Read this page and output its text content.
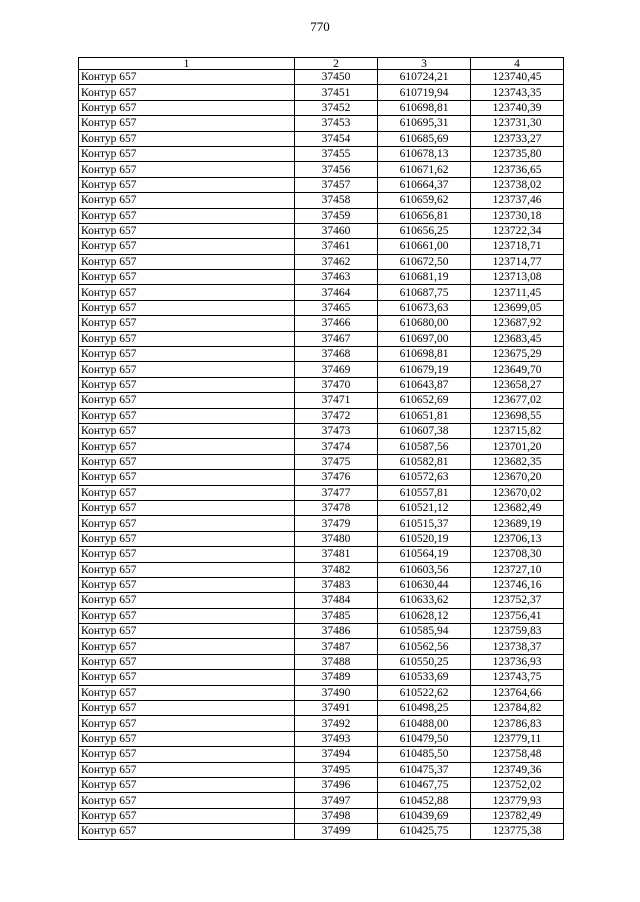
770
1	2	3	4
Контур 657	37450	610724,21	123740,45
Контур 657	37451	610719,94	123743,35
Контур 657	37452	610698,81	123740,39
Контур 657	37453	610695,31	123731,30
Контур 657	37454	610685,69	123733,27
Контур 657	37455	610678,13	123735,80
Контур 657	37456	610671,62	123736,65
Контур 657	37457	610664,37	123738,02
Контур 657	37458	610659,62	123737,46
Контур 657	37459	610656,81	123730,18
Контур 657	37460	610656,25	123722,34
Контур 657	37461	610661,00	123718,71
Контур 657	37462	610672,50	123714,77
Контур 657	37463	610681,19	123713,08
Контур 657	37464	610687,75	123711,45
Контур 657	37465	610673,63	123699,05
Контур 657	37466	610680,00	123687,92
Контур 657	37467	610697,00	123683,45
Контур 657	37468	610698,81	123675,29
Контур 657	37469	610679,19	123649,70
Контур 657	37470	610643,87	123658,27
Контур 657	37471	610652,69	123677,02
Контур 657	37472	610651,81	123698,55
Контур 657	37473	610607,38	123715,82
Контур 657	37474	610587,56	123701,20
Контур 657	37475	610582,81	123682,35
Контур 657	37476	610572,63	123670,20
Контур 657	37477	610557,81	123670,02
Контур 657	37478	610521,12	123682,49
Контур 657	37479	610515,37	123689,19
Контур 657	37480	610520,19	123706,13
Контур 657	37481	610564,19	123708,30
Контур 657	37482	610603,56	123727,10
Контур 657	37483	610630,44	123746,16
Контур 657	37484	610633,62	123752,37
Контур 657	37485	610628,12	123756,41
Контур 657	37486	610585,94	123759,83
Контур 657	37487	610562,56	123738,37
Контур 657	37488	610550,25	123736,93
Контур 657	37489	610533,69	123743,75
Контур 657	37490	610522,62	123764,66
Контур 657	37491	610498,25	123784,82
Контур 657	37492	610488,00	123786,83
Контур 657	37493	610479,50	123779,11
Контур 657	37494	610485,50	123758,48
Контур 657	37495	610475,37	123749,36
Контур 657	37496	610467,75	123752,02
Контур 657	37497	610452,88	123779,93
Контур 657	37498	610439,69	123782,49
Контур 657	37499	610425,75	123775,38
